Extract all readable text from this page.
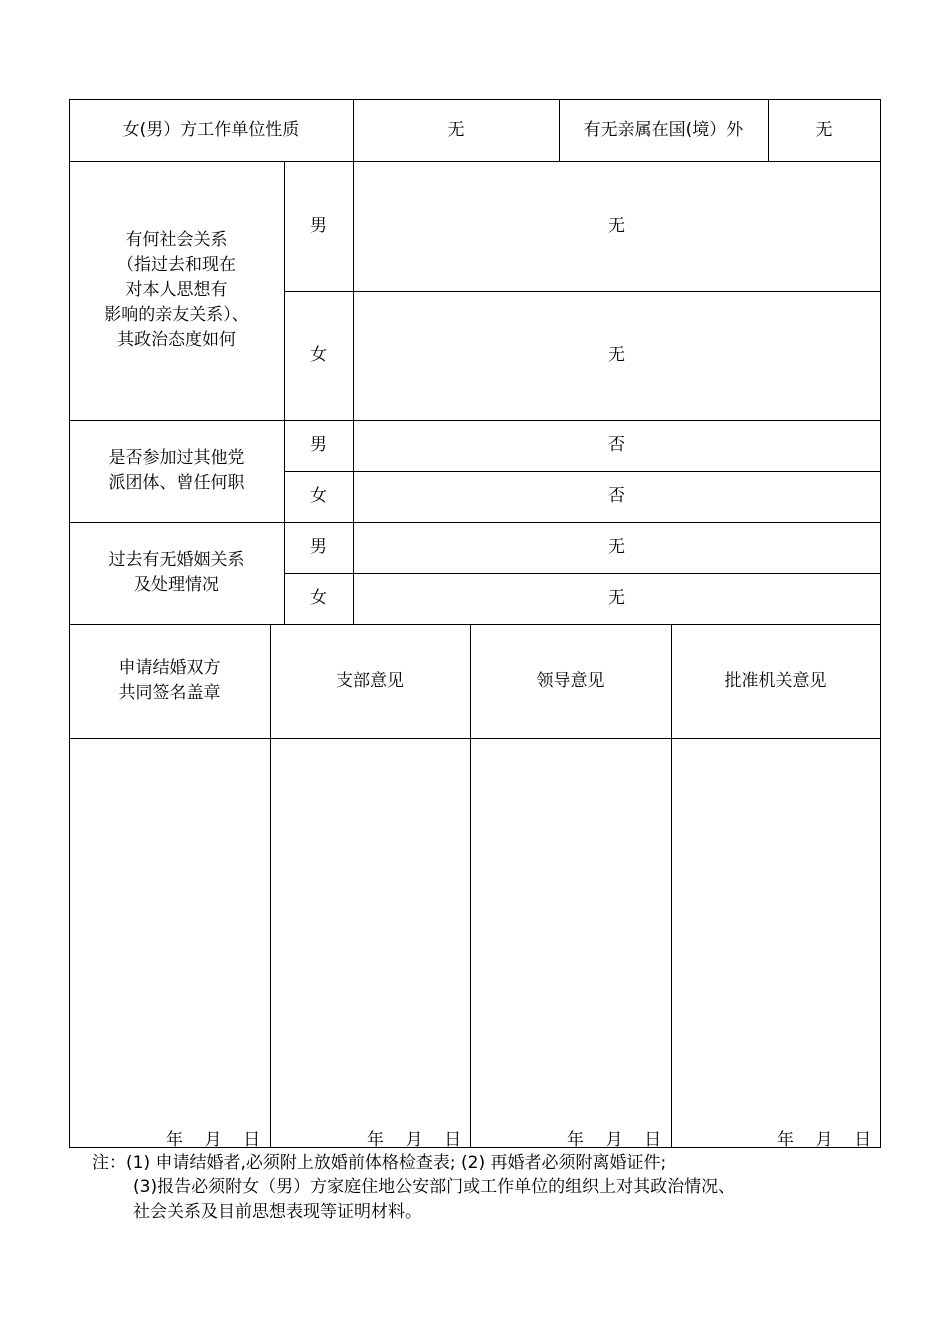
女(男）方工作单位性质	无	有无亲属在国(境）外	无
有何社会关系
（指过去和现在
对本人思想有
影响的亲友关系）、
其政治态度如何
男	无
女	无
是否参加过其他党
派团体、曾任何职
男	否
女	否
过去有无婚姻关系
及处理情况
男	无
女	无
申请结婚双方
共同签名盖章
支部意见	领导意见	批准机关意见
年    月    日	年    月    日	年    月    日	年    月    日
注：(1) 申请结婚者,必须附上放婚前体格检查表; (2) 再婚者必须附离婚证件;
(3)报告必须附女（男）方家庭住地公安部门或工作单位的组织上对其政治情况、
社会关系及目前思想表现等证明材料。
